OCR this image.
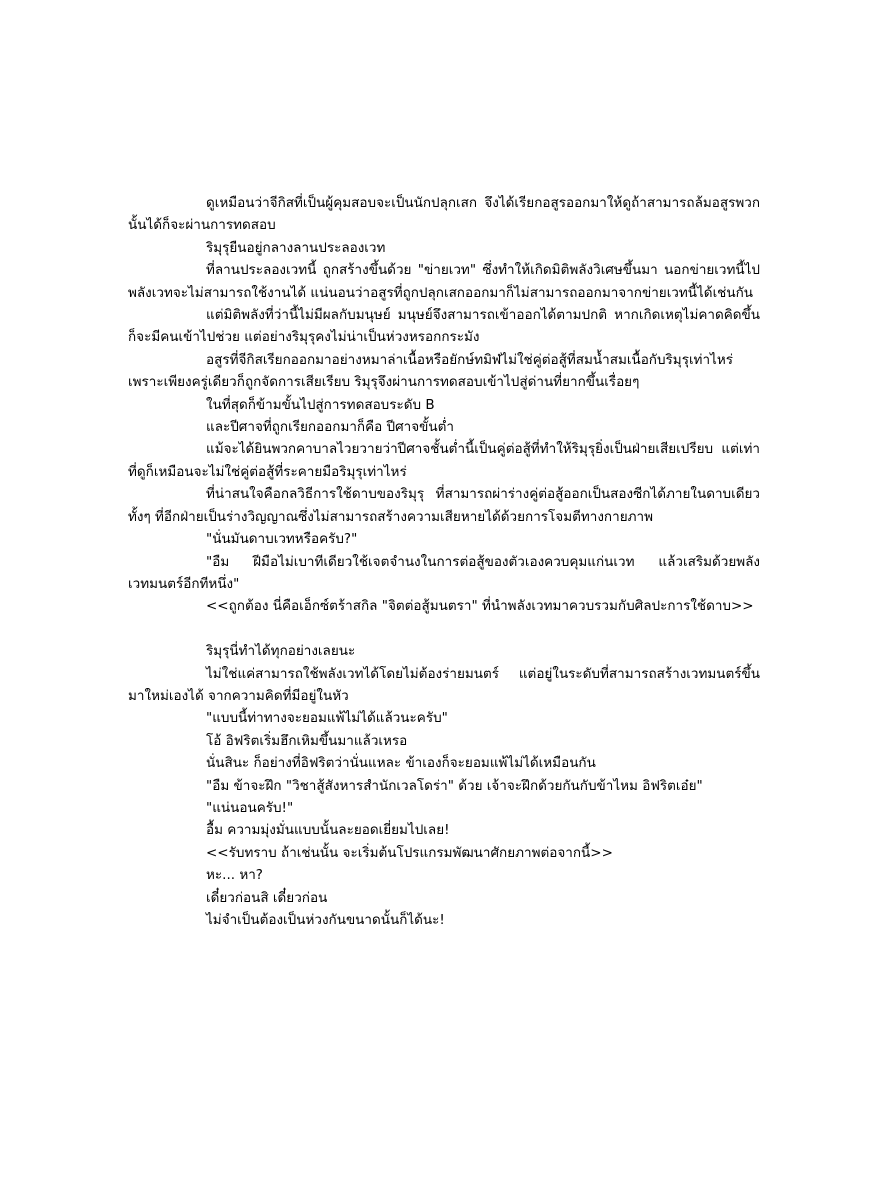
ดูเหมือนว่าจีกิสที่เป็นผู้คุมสอบจะเป็นนักปลุกเสก จึงได้เรียกอสูรออกมาให้ดูถ้าสามารถล้มอสูรพวกนั้นได้ก็จะผ่านการทดสอบ

ริมุรุยืนอยู่กลางลานประลองเวท

ที่ลานประลองเวทนี้ ถูกสร้างขึ้นด้วย "ข่ายเวท" ซึ่งทำให้เกิดมิติพลังวิเศษขึ้นมา นอกข่ายเวทนี้ไปพลังเวทจะไม่สามารถใช้งานได้ แน่นอนว่าอสูรที่ถูกปลุกเสกออกมาก็ไม่สามารถออกมาจากข่ายเวทนี้ได้เช่นกัน

แต่มิติพลังที่ว่านี้ไม่มีผลกับมนุษย์ มนุษย์จึงสามารถเข้าออกได้ตามปกติ หากเกิดเหตุไม่คาดคิดขึ้นก็จะมีคนเข้าไปช่วย แต่อย่างริมุรุคงไม่น่าเป็นห่วงหรอกกระมัง

อสูรที่จีกิสเรียกออกมาอย่างหมาล่าเนื้อหรือยักษ์ทมิฬไม่ใช่คู่ต่อสู้ที่สมน้ำสมเนื้อกับริมุรุเท่าไหร่ เพราะเพียงครู่เดียวก็ถูกจัดการเสียเรียบ ริมุรุจึงผ่านการทดสอบเข้าไปสู่ด่านที่ยากขึ้นเรื่อยๆ

ในที่สุดก็ข้ามขั้นไปสู่การทดสอบระดับ B

และปีศาจที่ถูกเรียกออกมาก็คือ ปีศาจขั้นต่ำ

แม้จะได้ยินพวกคาบาลไวยวายว่าปีศาจชั้นต่ำนี้เป็นคู่ต่อสู้ที่ทำให้ริมุรุยิ่งเป็นฝ่ายเสียเปรียบ แต่เท่าที่ดูก็เหมือนจะไม่ใช่คู่ต่อสู้ที่ระคายมือริมุรุเท่าไหร่

ที่น่าสนใจคือกลวิธีการใช้ดาบของริมุรุ ที่สามารถผ่าร่างคู่ต่อสู้ออกเป็นสองซีกได้ภายในดาบเดียว ทั้งๆ ที่อีกฝ่ายเป็นร่างวิญญาณซึ่งไม่สามารถสร้างความเสียหายได้ด้วยการโจมตีทางกายภาพ

"นั่นมันดาบเวทหรือครับ?"

"อืม ฝีมือไม่เบาทีเดียวใช้เจตจำนงในการต่อสู้ของตัวเองควบคุมแก่นเวท แล้วเสริมด้วยพลังเวทมนตร์อีกทีหนึ่ง"

<<ถูกต้อง นี่คือเอ็กซ์ตร้าสกิล "จิตต่อสู้มนตรา" ที่นำพลังเวทมาควบรวมกับศิลปะการใช้ดาบ>>

ริมุรุนี่ทำได้ทุกอย่างเลยนะ

ไม่ใช่แค่สามารถใช้พลังเวทได้โดยไม่ต้องร่ายมนตร์ แต่อยู่ในระดับที่สามารถสร้างเวทมนตร์ขึ้นมาใหม่เองได้ จากความคิดที่มีอยู่ในหัว

"แบบนี้ท่าทางจะยอมแพ้ไม่ได้แล้วนะครับ"

โอ้ อิฟริตเริ่มฮึกเหิมขึ้นมาแล้วเหรอ

นั่นสินะ ก็อย่างที่อิฟริตว่านั่นแหละ ข้าเองก็จะยอมแพ้ไม่ได้เหมือนกัน

"อืม ข้าจะฝึก "วิชาสู้สังหารสำนักเวลโดร่า" ด้วย เจ้าจะฝึกด้วยกันกับข้าไหม อิฟริตเอ๋ย"

"แน่นอนครับ!"

อื้ม ความมุ่งมั่นแบบนั้นละยอดเยี่ยมไปเลย!

<<รับทราบ ถ้าเช่นนั้น จะเริ่มต้นโปรแกรมพัฒนาศักยภาพต่อจากนี้>>

หะ... หา?

เดี๋ยวก่อนสิ เดี๋ยวก่อน

ไม่จำเป็นต้องเป็นห่วงกันขนาดนั้นก็ได้นะ!
